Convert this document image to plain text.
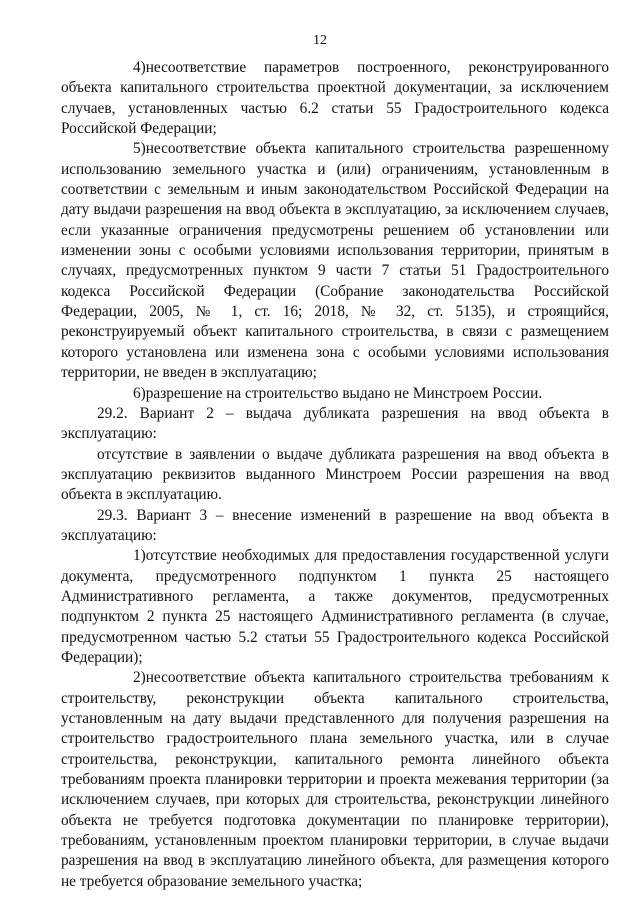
12

4)несоответствие параметров построенного, реконструированного объекта капитального строительства проектной документации, за исключением случаев, установленных частью 6.2 статьи 55 Градостроительного кодекса Российской Федерации;

5)несоответствие объекта капитального строительства разрешенному использованию земельного участка и (или) ограничениям, установленным в соответствии с земельным и иным законодательством Российской Федерации на дату выдачи разрешения на ввод объекта в эксплуатацию, за исключением случаев, если указанные ограничения предусмотрены решением об установлении или изменении зоны с особыми условиями использования территории, принятым в случаях, предусмотренных пунктом 9 части 7 статьи 51 Градостроительного кодекса Российской Федерации (Собрание законодательства Российской Федерации, 2005, № 1, ст. 16; 2018, № 32, ст. 5135), и строящийся, реконструируемый объект капитального строительства, в связи с размещением которого установлена или изменена зона с особыми условиями использования территории, не введен в эксплуатацию;

6)разрешение на строительство выдано не Минстроем России.

29.2. Вариант 2 – выдача дубликата разрешения на ввод объекта в эксплуатацию:

отсутствие в заявлении о выдаче дубликата разрешения на ввод объекта в эксплуатацию реквизитов выданного Минстроем России разрешения на ввод объекта в эксплуатацию.

29.3. Вариант 3 – внесение изменений в разрешение на ввод объекта в эксплуатацию:

1)отсутствие необходимых для предоставления государственной услуги документа, предусмотренного подпунктом 1 пункта 25 настоящего Административного регламента, а также документов, предусмотренных подпунктом 2 пункта 25 настоящего Административного регламента (в случае, предусмотренном частью 5.2 статьи 55 Градостроительного кодекса Российской Федерации);

2)несоответствие объекта капитального строительства требованиям к строительству, реконструкции объекта капитального строительства, установленным на дату выдачи представленного для получения разрешения на строительство градостроительного плана земельного участка, или в случае строительства, реконструкции, капитального ремонта линейного объекта требованиям проекта планировки территории и проекта межевания территории (за исключением случаев, при которых для строительства, реконструкции линейного объекта не требуется подготовка документации по планировке территории), требованиям, установленным проектом планировки территории, в случае выдачи разрешения на ввод в эксплуатацию линейного объекта, для размещения которого не требуется образование земельного участка;
